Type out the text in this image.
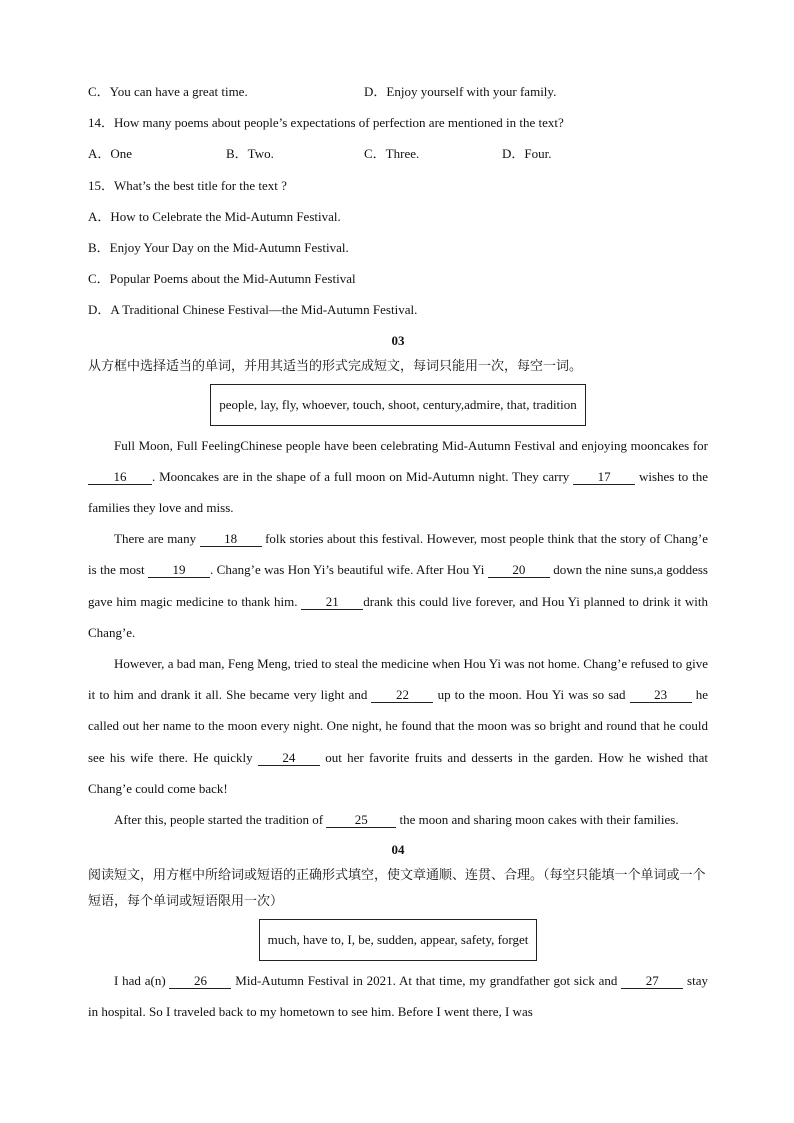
C．You can have a great time.	D．Enjoy yourself with your family.
14．How many poems about people’s expectations of perfection are mentioned in the text?
A．One	B．Two.	C．Three.	D．Four.
15．What’s the best title for the text ?
A．How to Celebrate the Mid-Autumn Festival.
B．Enjoy Your Day on the Mid-Autumn Festival.
C．Popular Poems about the Mid-Autumn Festival
D．A Traditional Chinese Festival—the Mid-Autumn Festival.
03
从方框中选择适当的单词，并用其适当的形式完成短文，每词只能用一次，每空一词。
people, lay, fly, whoever, touch, shoot, century,admire, that, tradition
Full Moon, Full FeelingChinese people have been celebrating Mid-Autumn Festival and enjoying mooncakes for 16 . Mooncakes are in the shape of a full moon on Mid-Autumn night. They carry 17 wishes to the families they love and miss.
There are many 18 folk stories about this festival. However, most people think that the story of Chang’e is the most 19 . Chang’e was Hon Yi’s beautiful wife. After Hou Yi 20 down the nine suns,a goddess gave him magic medicine to thank him. 21 drank this could live forever, and Hou Yi planned to drink it with Chang’e.
However, a bad man, Feng Meng, tried to steal the medicine when Hou Yi was not home. Chang’e refused to give it to him and drank it all. She became very light and 22 up to the moon. Hou Yi was so sad 23 he called out her name to the moon every night. One night, he found that the moon was so bright and round that he could see his wife there. He quickly 24 out her favorite fruits and desserts in the garden. How he wished that Chang’e could come back!
After this, people started the tradition of 25 the moon and sharing moon cakes with their families.
04
阅读短文，用方框中所给词或短语的正确形式填空，使文章通顺、连贯、合理。（每空只能填一个单词或一个短语，每个单词或短语限用一次）
much, have to, I, be, sudden, appear, safety, forget
I had a(n) 26 Mid-Autumn Festival in 2021. At that time, my grandfather got sick and 27 stay in hospital. So I traveled back to my hometown to see him. Before I went there, I was
